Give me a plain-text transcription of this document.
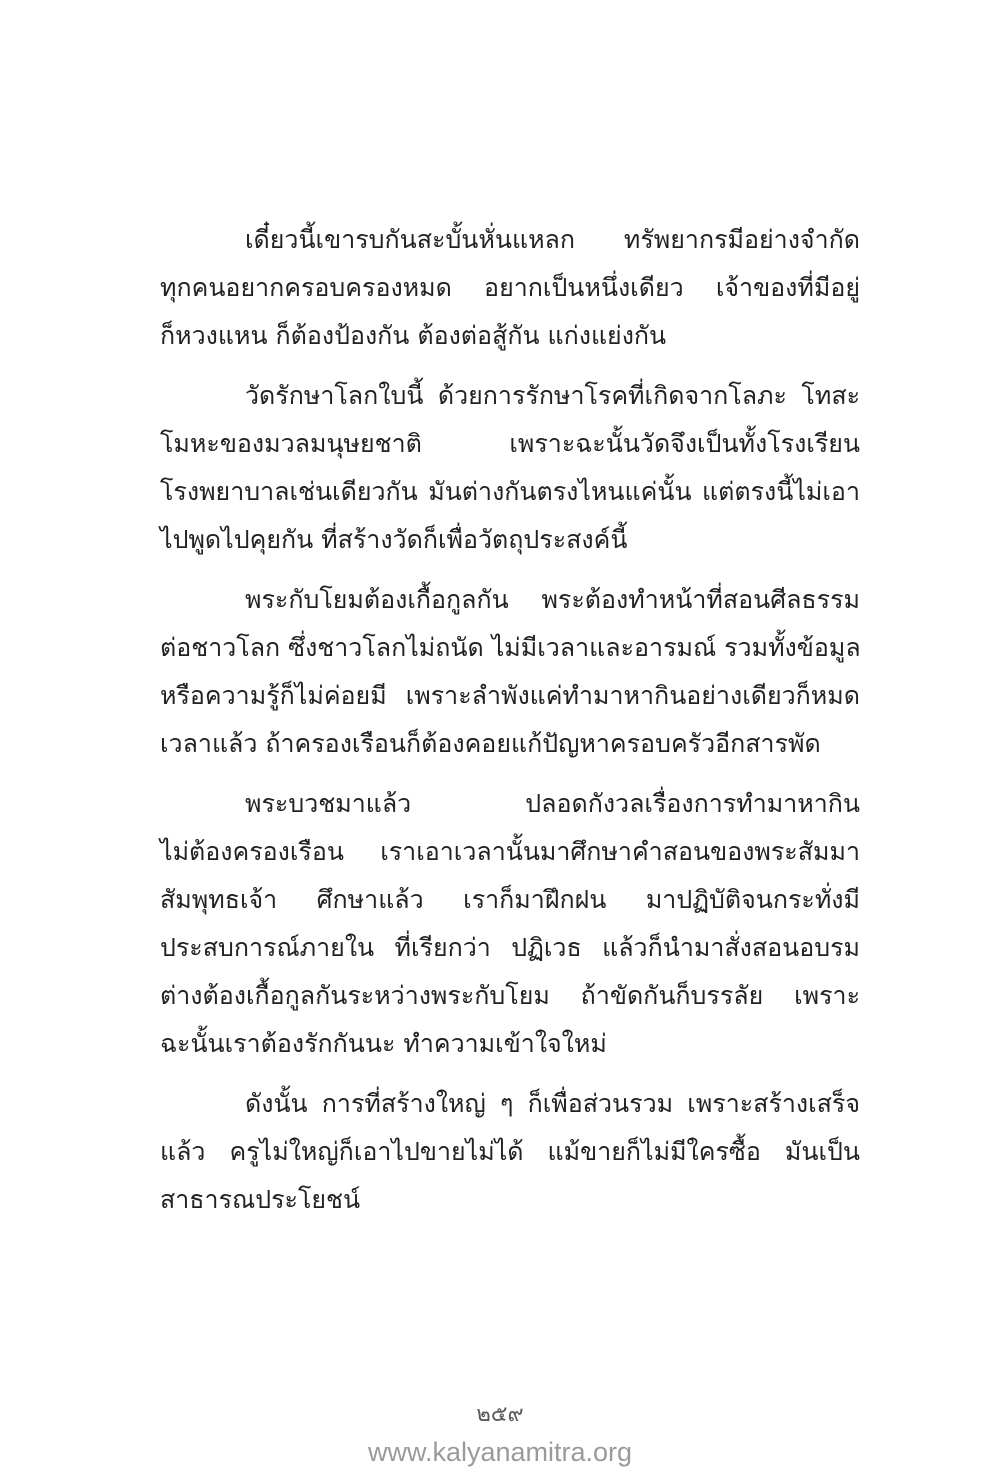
เดี๋ยวนี้เขารบกันสะบั้นหั่นแหลก ทรัพยากรมีอย่างจำกัด
ทุกคนอยากครอบครองหมด อยากเป็นหนึ่งเดียว เจ้าของที่มีอยู่
ก็หวงแหน ก็ต้องป้องกัน ต้องต่อสู้กัน แก่งแย่งกัน
วัดรักษาโลกใบนี้ ด้วยการรักษาโรคที่เกิดจากโลภะ โทสะ
โมหะของมวลมนุษยชาติ เพราะฉะนั้นวัดจึงเป็นทั้งโรงเรียน
โรงพยาบาลเช่นเดียวกัน มันต่างกันตรงไหนแค่นั้น แต่ตรงนี้ไม่เอา
ไปพูดไปคุยกัน ที่สร้างวัดก็เพื่อวัตถุประสงค์นี้
พระกับโยมต้องเกื้อกูลกัน พระต้องทำหน้าที่สอนศีลธรรม
ต่อชาวโลก ซึ่งชาวโลกไม่ถนัด ไม่มีเวลาและอารมณ์ รวมทั้งข้อมูล
หรือความรู้ก็ไม่ค่อยมี เพราะลำพังแค่ทำมาหากินอย่างเดียวก็หมด
เวลาแล้ว ถ้าครองเรือนก็ต้องคอยแก้ปัญหาครอบครัวอีกสารพัด
พระบวชมาแล้ว ปลอดกังวลเรื่องการทำมาหากิน
ไม่ต้องครองเรือน เราเอาเวลานั้นมาศึกษาคำสอนของพระสัมมา
สัมพุทธเจ้า ศึกษาแล้ว เราก็มาฝึกฝน มาปฏิบัติจนกระทั่งมี
ประสบการณ์ภายใน ที่เรียกว่า ปฏิเวธ แล้วก็นำมาสั่งสอนอบรม
ต่างต้องเกื้อกูลกันระหว่างพระกับโยม ถ้าขัดกันก็บรรลัย เพราะ
ฉะนั้นเราต้องรักกันนะ ทำความเข้าใจใหม่
ดังนั้น การที่สร้างใหญ่ ๆ ก็เพื่อส่วนรวม เพราะสร้างเสร็จ
แล้ว ครูไม่ใหญ่ก็เอาไปขายไม่ได้ แม้ขายก็ไม่มีใครซื้อ มันเป็น
สาธารณประโยชน์
๒๕๙
www.kalyanamitra.org
